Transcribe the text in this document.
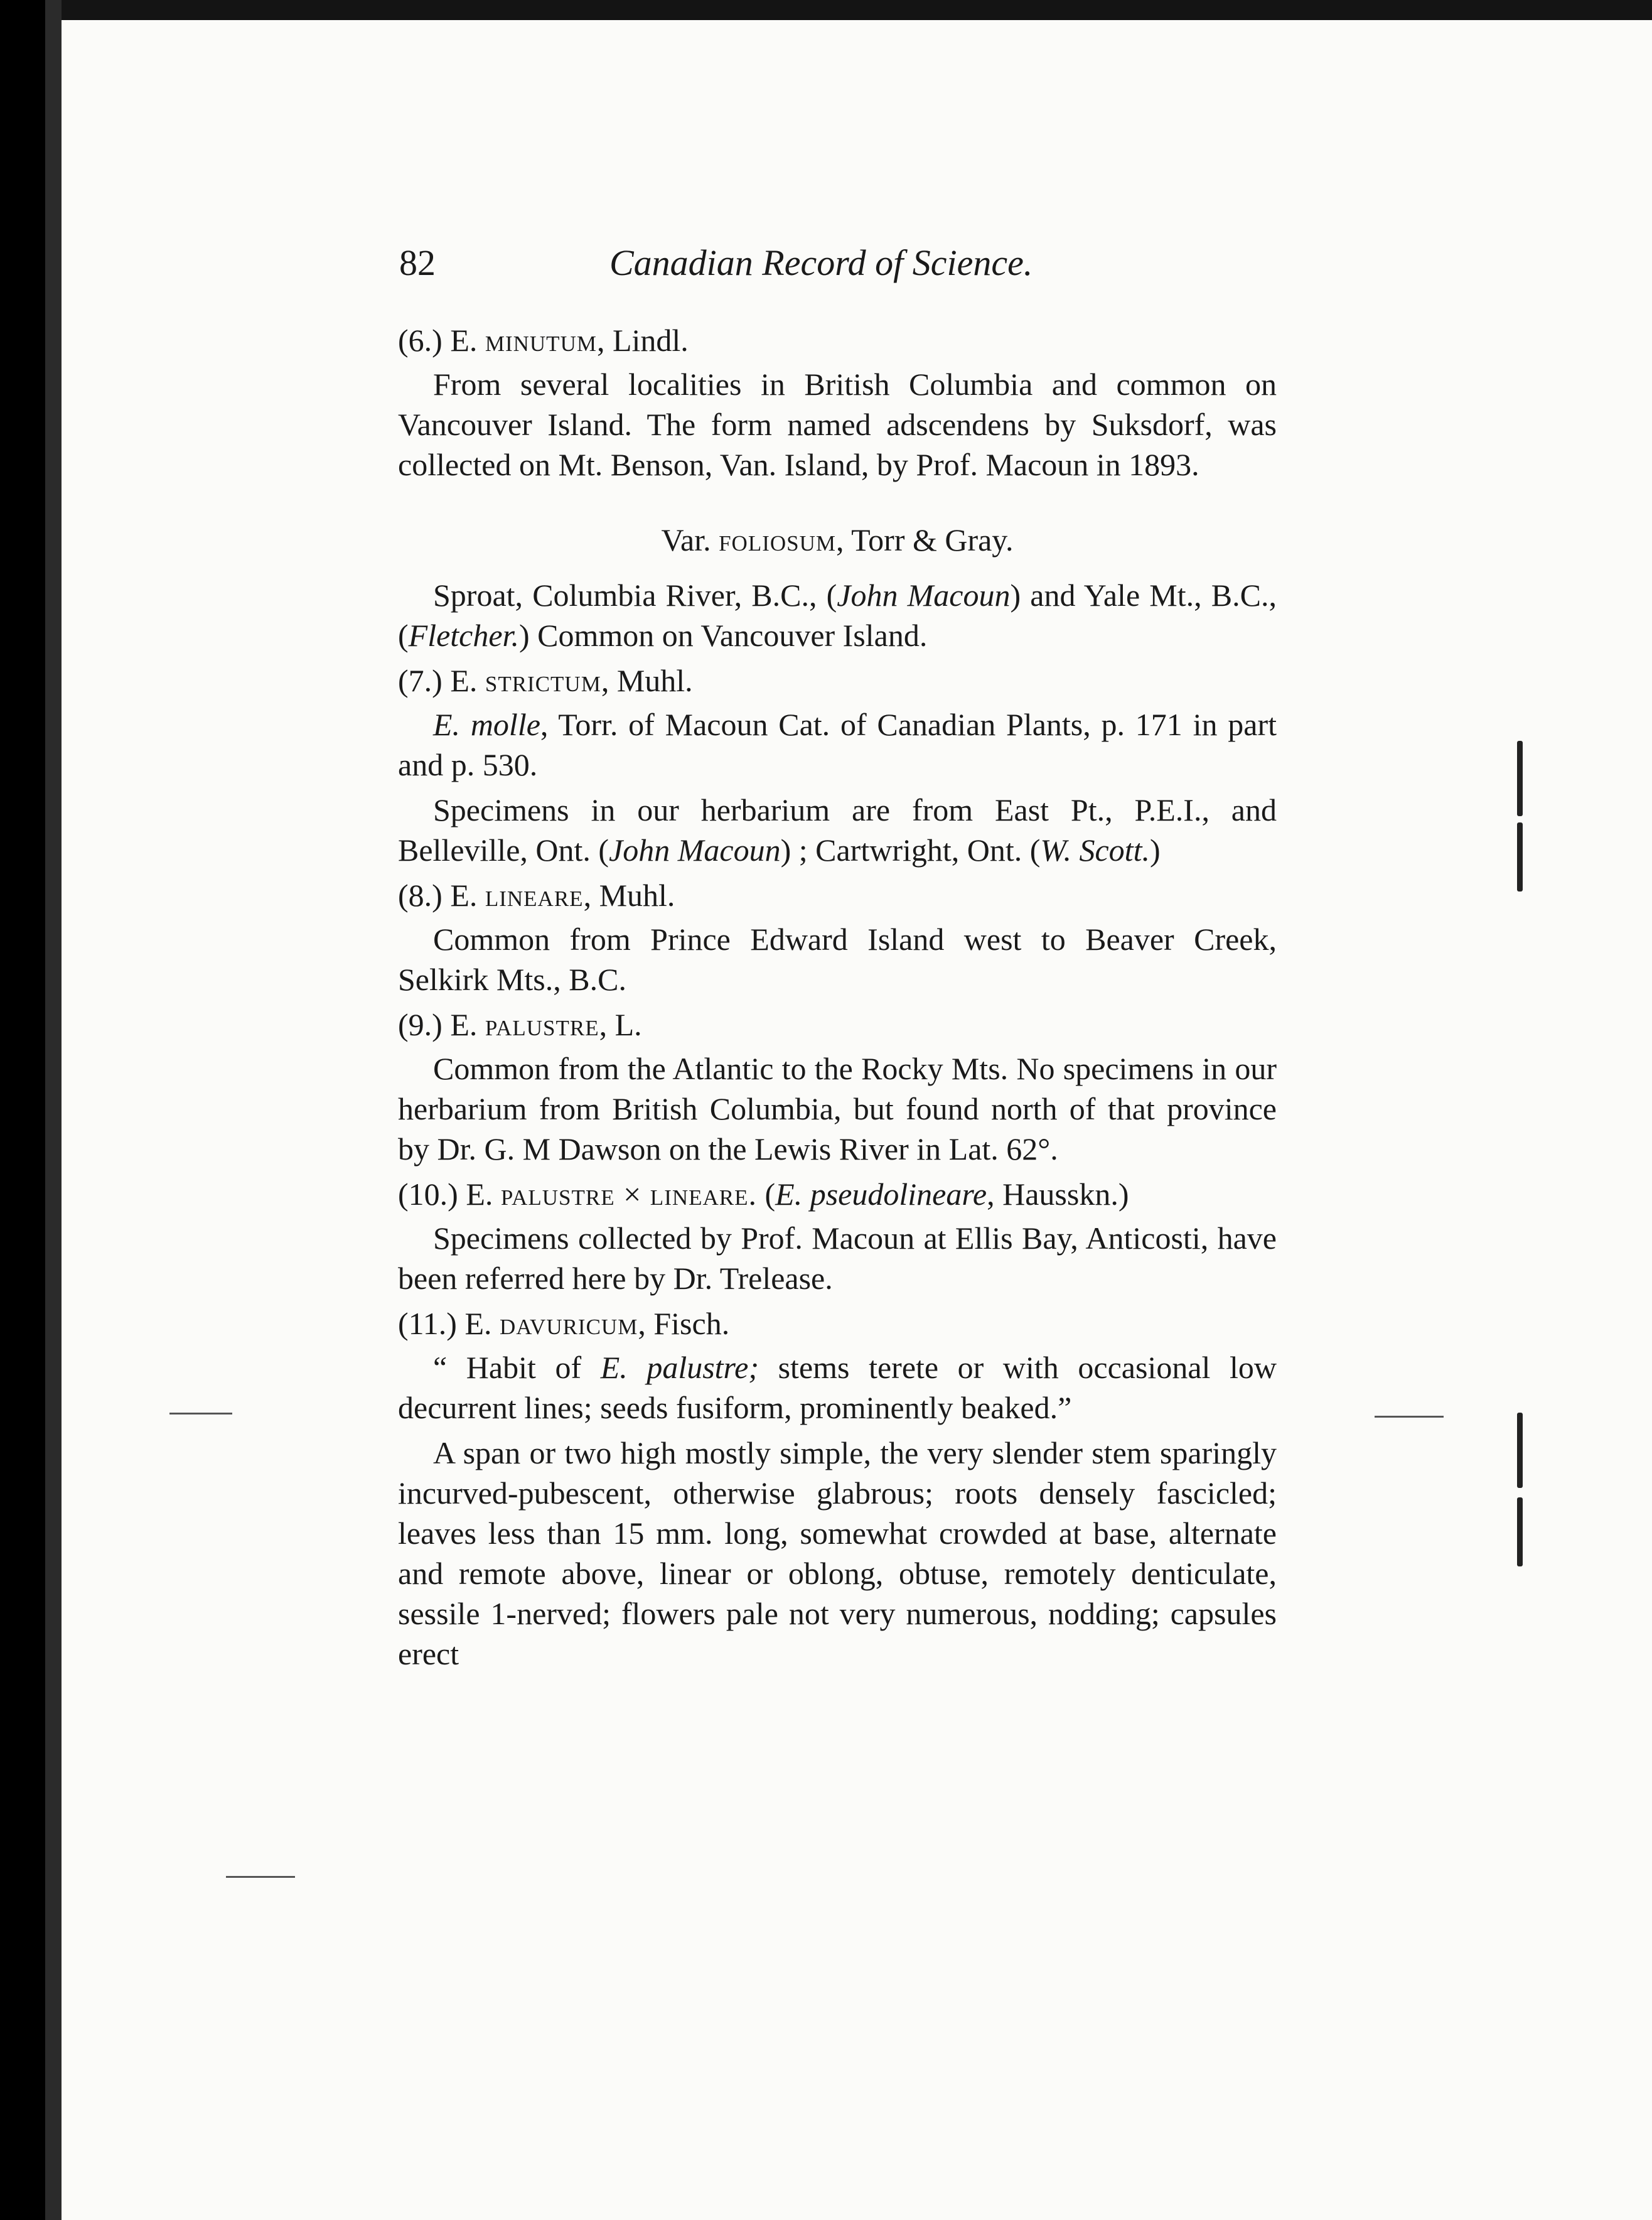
82	Canadian Record of Science.
(6.) E. minutum, Lindl.

From several localities in British Columbia and common on Vancouver Island. The form named adscendens by Suksdorf, was collected on Mt. Benson, Van. Island, by Prof. Macoun in 1893.

Var. foliosum, Torr & Gray.

Sproat, Columbia River, B.C., (John Macoun) and Yale Mt., B.C., (Fletcher.) Common on Vancouver Island.

(7.) E. strictum, Muhl.

E. molle, Torr. of Macoun Cat. of Canadian Plants, p. 171 in part and p. 530.

Specimens in our herbarium are from East Pt., P.E.I., and Belleville, Ont. (John Macoun) ; Cartwright, Ont. (W. Scott.)

(8.) E. lineare, Muhl.

Common from Prince Edward Island west to Beaver Creek, Selkirk Mts., B.C.

(9.) E. palustre, L.

Common from the Atlantic to the Rocky Mts. No specimens in our herbarium from British Columbia, but found north of that province by Dr. G. M Dawson on the Lewis River in Lat. 62°.

(10.) E. palustre × lineare. (E. pseudolineare, Hausskn.)

Specimens collected by Prof. Macoun at Ellis Bay, Anticosti, have been referred here by Dr. Trelease.

(11.) E. davuricum, Fisch.

“ Habit of E. palustre; stems terete or with occasional low decurrent lines; seeds fusiform, prominently beaked.”

A span or two high mostly simple, the very slender stem sparingly incurved-pubescent, otherwise glabrous; roots densely fascicled; leaves less than 15 mm. long, somewhat crowded at base, alternate and remote above, linear or oblong, obtuse, remotely denticulate, sessile 1-nerved; flowers pale not very numerous, nodding; capsules erect
